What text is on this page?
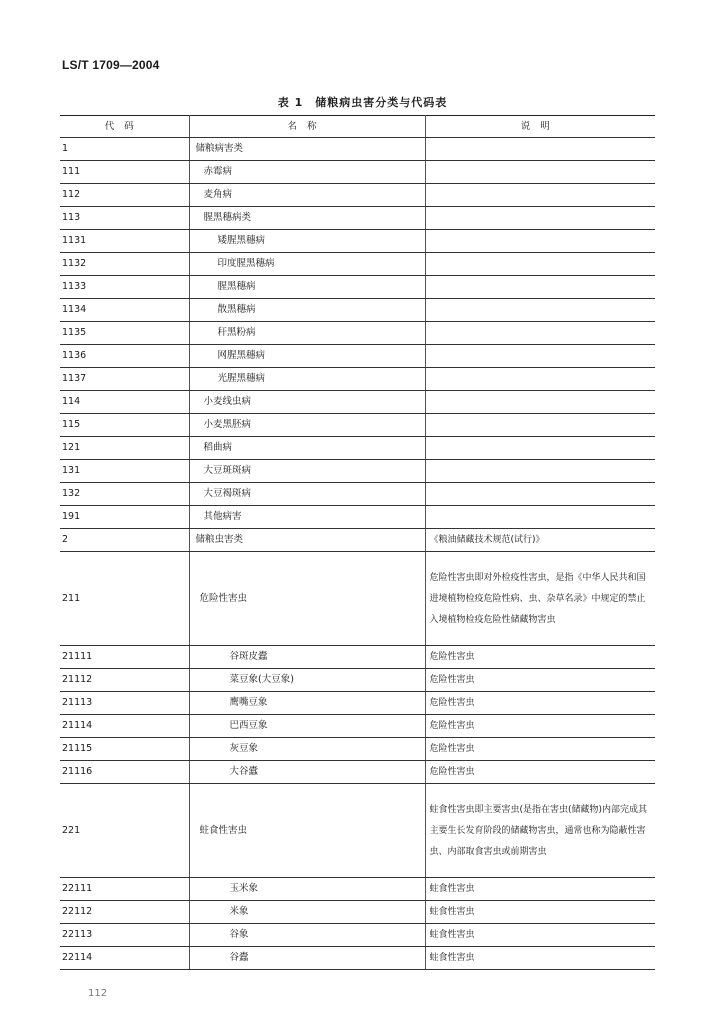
LS/T 1709—2004
表 1 储粮病虫害分类与代码表
代码	名称	说明
1	储粮病害类	
111	赤霉病	
112	麦角病	
113	腥黑穗病类	
1131	矮腥黑穗病	
1132	印度腥黑穗病	
1133	腥黑穗病	
1134	散黑穗病	
1135	秆黑粉病	
1136	网腥黑穗病	
1137	光腥黑穗病	
114	小麦线虫病	
115	小麦黑胚病	
121	稻曲病	
131	大豆斑斑病	
132	大豆褐斑病	
191	其他病害	
2	储粮虫害类	《粮油储藏技术规范(试行)》
211	危险性害虫	危险性害虫即对外检疫性害虫，是指《中华人民共和国进境植物检疫危险性病、虫、杂草名录》中规定的禁止入境植物检疫危险性储藏物害虫
21111	谷斑皮蠹	危险性害虫
21112	菜豆象(大豆象)	危险性害虫
21113	鹰嘴豆象	危险性害虫
21114	巴西豆象	危险性害虫
21115	灰豆象	危险性害虫
21116	大谷蠹	危险性害虫
221	蛀食性害虫	蛀食性害虫即主要害虫(是指在害虫(储藏物)内部完成其主要生长发育阶段的储藏物害虫，通常也称为隐蔽性害虫、内部取食害虫或前期害虫
22111	玉米象	蛀食性害虫
22112	米象	蛀食性害虫
22113	谷象	蛀食性害虫
22114	谷蠹	蛀食性害虫
112
